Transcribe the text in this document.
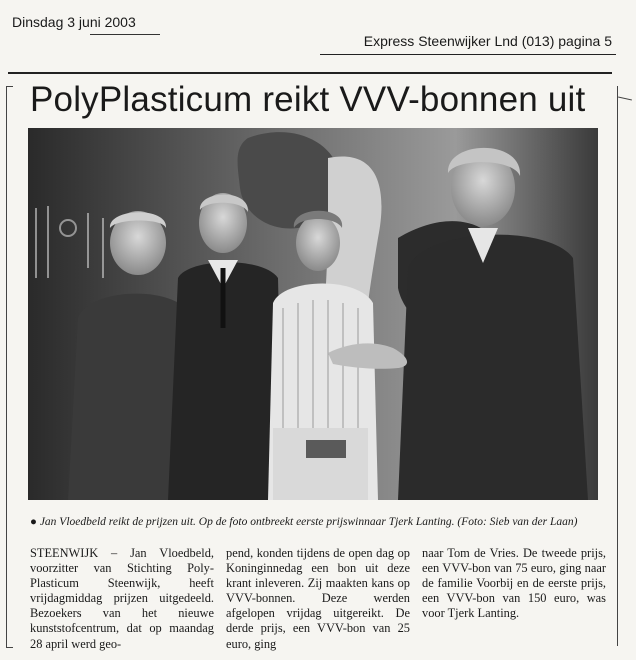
Dinsdag 3 juni 2003
Express Steenwijker Lnd (013) pagina 5
PolyPlasticum reikt VVV-bonnen uit
● Jan Vloedbeld reikt de prijzen uit. Op de foto ontbreekt eerste prijswinnaar Tjerk Lanting. (Foto: Sieb van der Laan)
STEENWIJK – Jan Vloedbeld, voorzitter van Stichting Poly-Plasticum Steenwijk, heeft vrijdagmiddag prijzen uitgedeeld. Bezoekers van het nieuwe kunststofcentrum, dat op maandag 28 april werd geo-
pend, konden tijdens de open dag op Koninginnedag een bon uit deze krant inleveren. Zij maakten kans op VVV-bonnen. Deze werden afgelopen vrijdag uitgereikt. De derde prijs, een VVV-bon van 25 euro, ging
naar Tom de Vries. De tweede prijs, een VVV-bon van 75 euro, ging naar de familie Voorbij en de eerste prijs, een VVV-bon van 150 euro, was voor Tjerk Lanting.
